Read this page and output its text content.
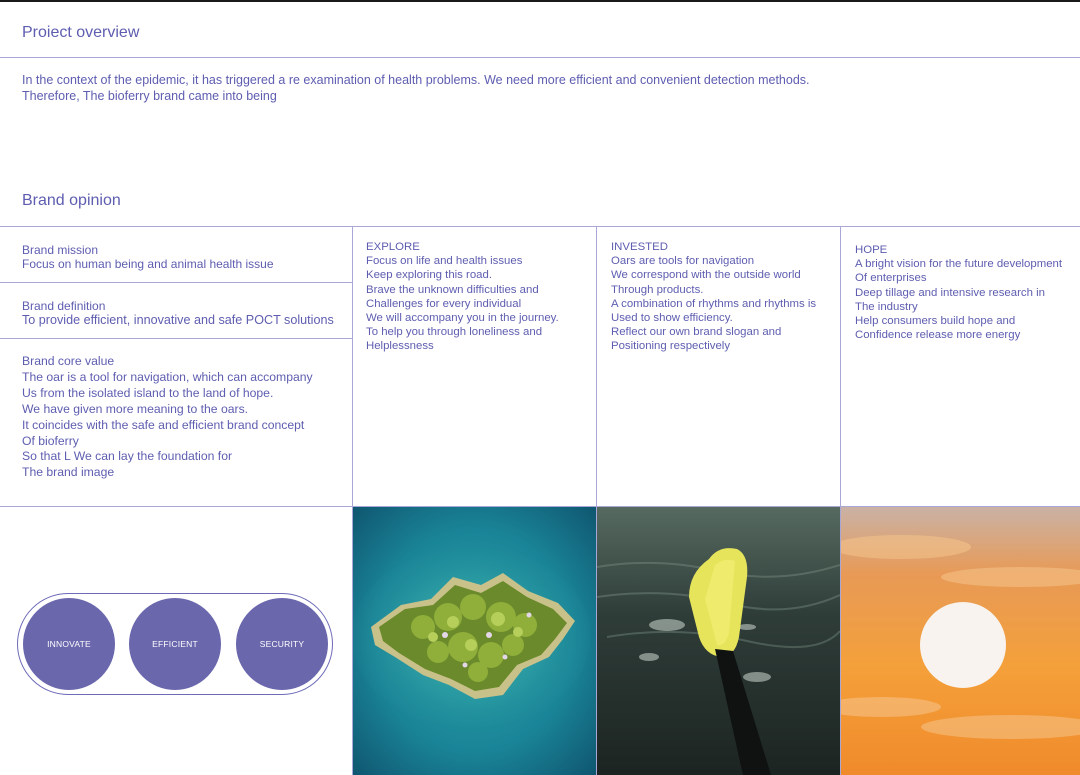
Proiect overview
In the context of the epidemic, it has triggered a re examination of health problems. We need more efficient and convenient detection methods.
Therefore, The bioferry brand came into being
Brand opinion
Brand mission
Focus on human being and animal health issue
Brand definition
To provide efficient, innovative and safe POCT solutions
Brand core value
The oar is a tool for navigation, which can accompany
Us from the isolated island to the land of hope.
We have given more meaning to the oars.
It coincides with the safe and efficient brand concept
Of bioferry
So that L We can lay the foundation for
The brand image
EXPLORE
Focus on life and health issues
Keep exploring this road.
Brave the unknown difficulties and
Challenges for every individual
We will accompany you in the journey.
To help you through loneliness and
Helplessness
INVESTED
Oars are tools for navigation
We correspond with the outside world
Through products.
A combination of rhythms and rhythms is
Used to show efficiency.
Reflect our own brand slogan and
Positioning respectively
HOPE
A bright vision for the future development
Of enterprises
Deep tillage and intensive research in
The industry
Help consumers build hope and
Confidence release more energy
INNOVATE	EFFICIENT	SECURITY
